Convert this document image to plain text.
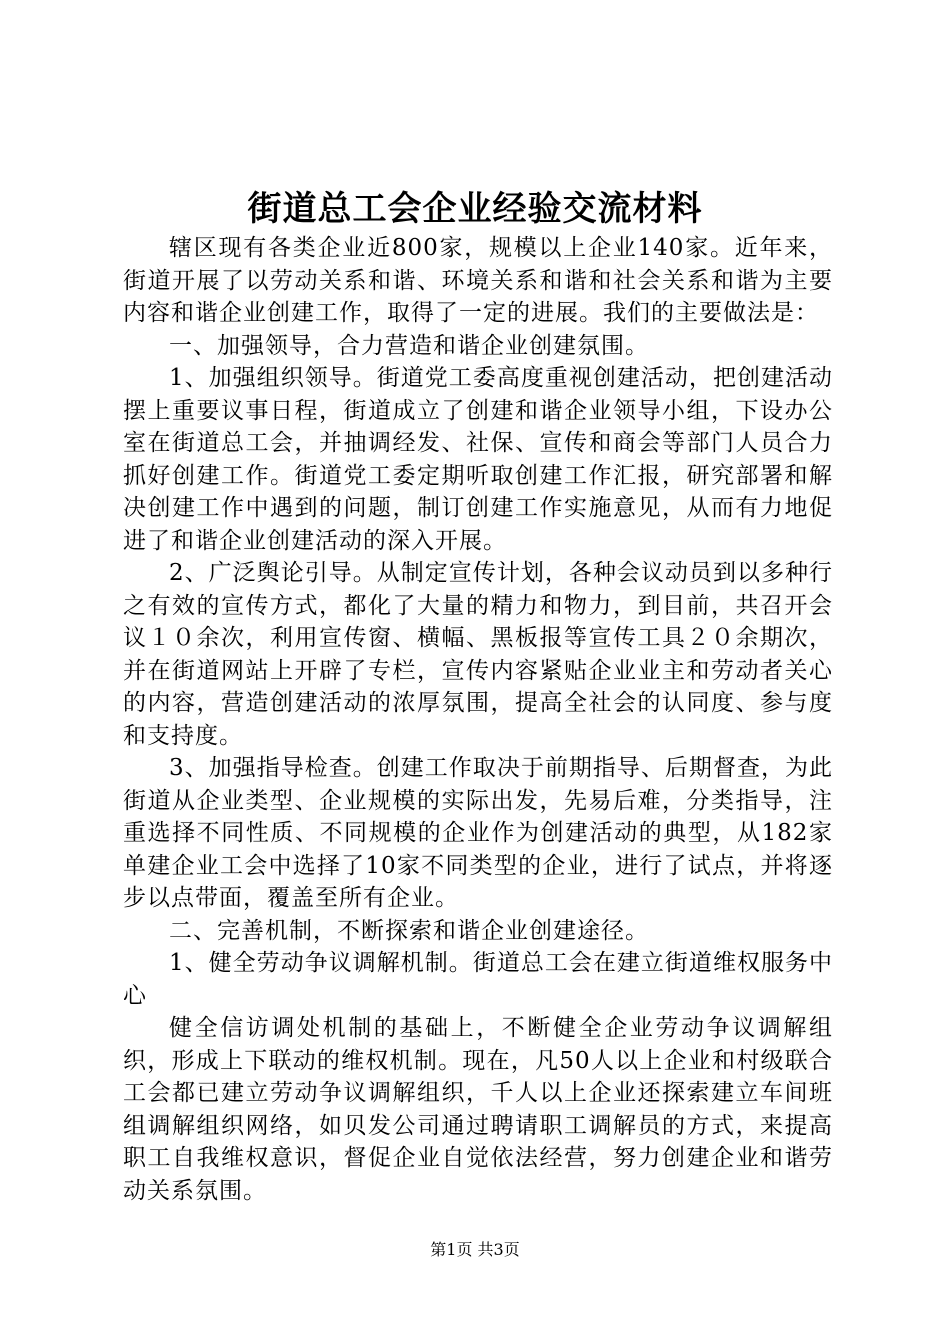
街道总工会企业经验交流材料

辖区现有各类企业近800家，规模以上企业140家。近年来，街道开展了以劳动关系和谐、环境关系和谐和社会关系和谐为主要内容和谐企业创建工作，取得了一定的进展。我们的主要做法是：

一、加强领导，合力营造和谐企业创建氛围。

1、加强组织领导。街道党工委高度重视创建活动，把创建活动摆上重要议事日程，街道成立了创建和谐企业领导小组，下设办公室在街道总工会，并抽调经发、社保、宣传和商会等部门人员合力抓好创建工作。街道党工委定期听取创建工作汇报，研究部署和解决创建工作中遇到的问题，制订创建工作实施意见，从而有力地促进了和谐企业创建活动的深入开展。

2、广泛舆论引导。从制定宣传计划，各种会议动员到以多种行之有效的宣传方式，都化了大量的精力和物力，到目前，共召开会议１０余次，利用宣传窗、横幅、黑板报等宣传工具２０余期次，并在街道网站上开辟了专栏，宣传内容紧贴企业业主和劳动者关心的内容，营造创建活动的浓厚氛围，提高全社会的认同度、参与度和支持度。

3、加强指导检查。创建工作取决于前期指导、后期督查，为此街道从企业类型、企业规模的实际出发，先易后难，分类指导，注重选择不同性质、不同规模的企业作为创建活动的典型，从182家单建企业工会中选择了10家不同类型的企业，进行了试点，并将逐步以点带面，覆盖至所有企业。

二、完善机制，不断探索和谐企业创建途径。

1、健全劳动争议调解机制。街道总工会在建立街道维权服务中心

健全信访调处机制的基础上，不断健全企业劳动争议调解组织，形成上下联动的维权机制。现在，凡50人以上企业和村级联合工会都已建立劳动争议调解组织，千人以上企业还探索建立车间班组调解组织网络，如贝发公司通过聘请职工调解员的方式，来提高职工自我维权意识，督促企业自觉依法经营，努力创建企业和谐劳动关系氛围。

第1页 共3页
